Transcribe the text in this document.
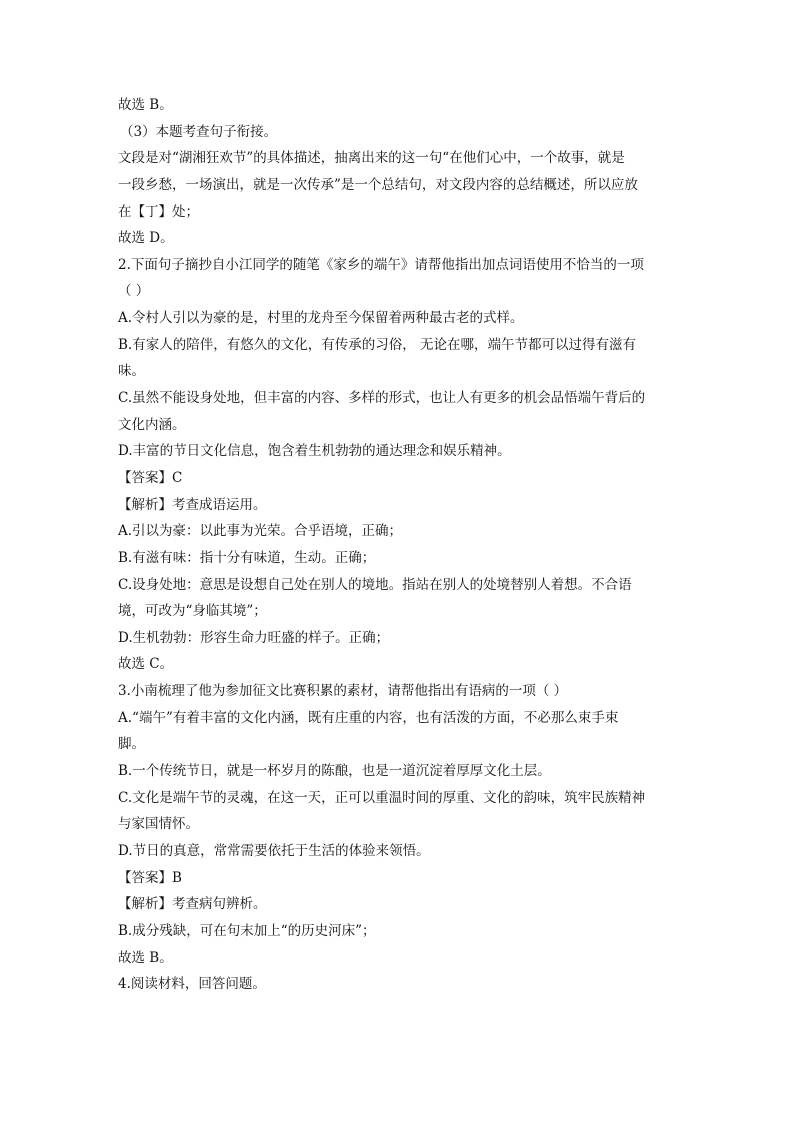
故选 B。
（3）本题考查句子衔接。
文段是对“湖湘狂欢节”的具体描述，抽离出来的这一句“在他们心中，一个故事，就是
一段乡愁，一场演出，就是一次传承”是一个总结句，对文段内容的总结概述，所以应放
在【丁】处；
故选 D。
2.下面句子摘抄自小江同学的随笔《家乡的端午》请帮他指出加点词语使用不恰当的一项
（ ）
A.令村人引以为豪的是，村里的龙舟至今保留着两种最古老的式样。
B.有家人的陪伴，有悠久的文化，有传承的习俗， 无论在哪，端午节都可以过得有滋有
味。
C.虽然不能设身处地，但丰富的内容、多样的形式，也让人有更多的机会品悟端午背后的
文化内涵。
D.丰富的节日文化信息，饱含着生机勃勃的通达理念和娱乐精神。
【答案】C
【解析】考查成语运用。
A.引以为豪：以此事为光荣。合乎语境，正确；
B.有滋有味：指十分有味道，生动。正确；
C.设身处地：意思是设想自己处在别人的境地。指站在别人的处境替别人着想。不合语
境，可改为“身临其境”；
D.生机勃勃：形容生命力旺盛的样子。正确；
故选 C。
3.小南梳理了他为参加征文比赛积累的素材，请帮他指出有语病的一项（ ）
A.“端午”有着丰富的文化内涵，既有庄重的内容，也有活泼的方面，不必那么束手束
脚。
B.一个传统节日，就是一杯岁月的陈酿，也是一道沉淀着厚厚文化土层。
C.文化是端午节的灵魂，在这一天，正可以重温时间的厚重、文化的韵味，筑牢民族精神
与家国情怀。
D.节日的真意，常常需要依托于生活的体验来领悟。
【答案】B
【解析】考查病句辨析。
B.成分残缺，可在句末加上“的历史河床”；
故选 B。
4.阅读材料，回答问题。
